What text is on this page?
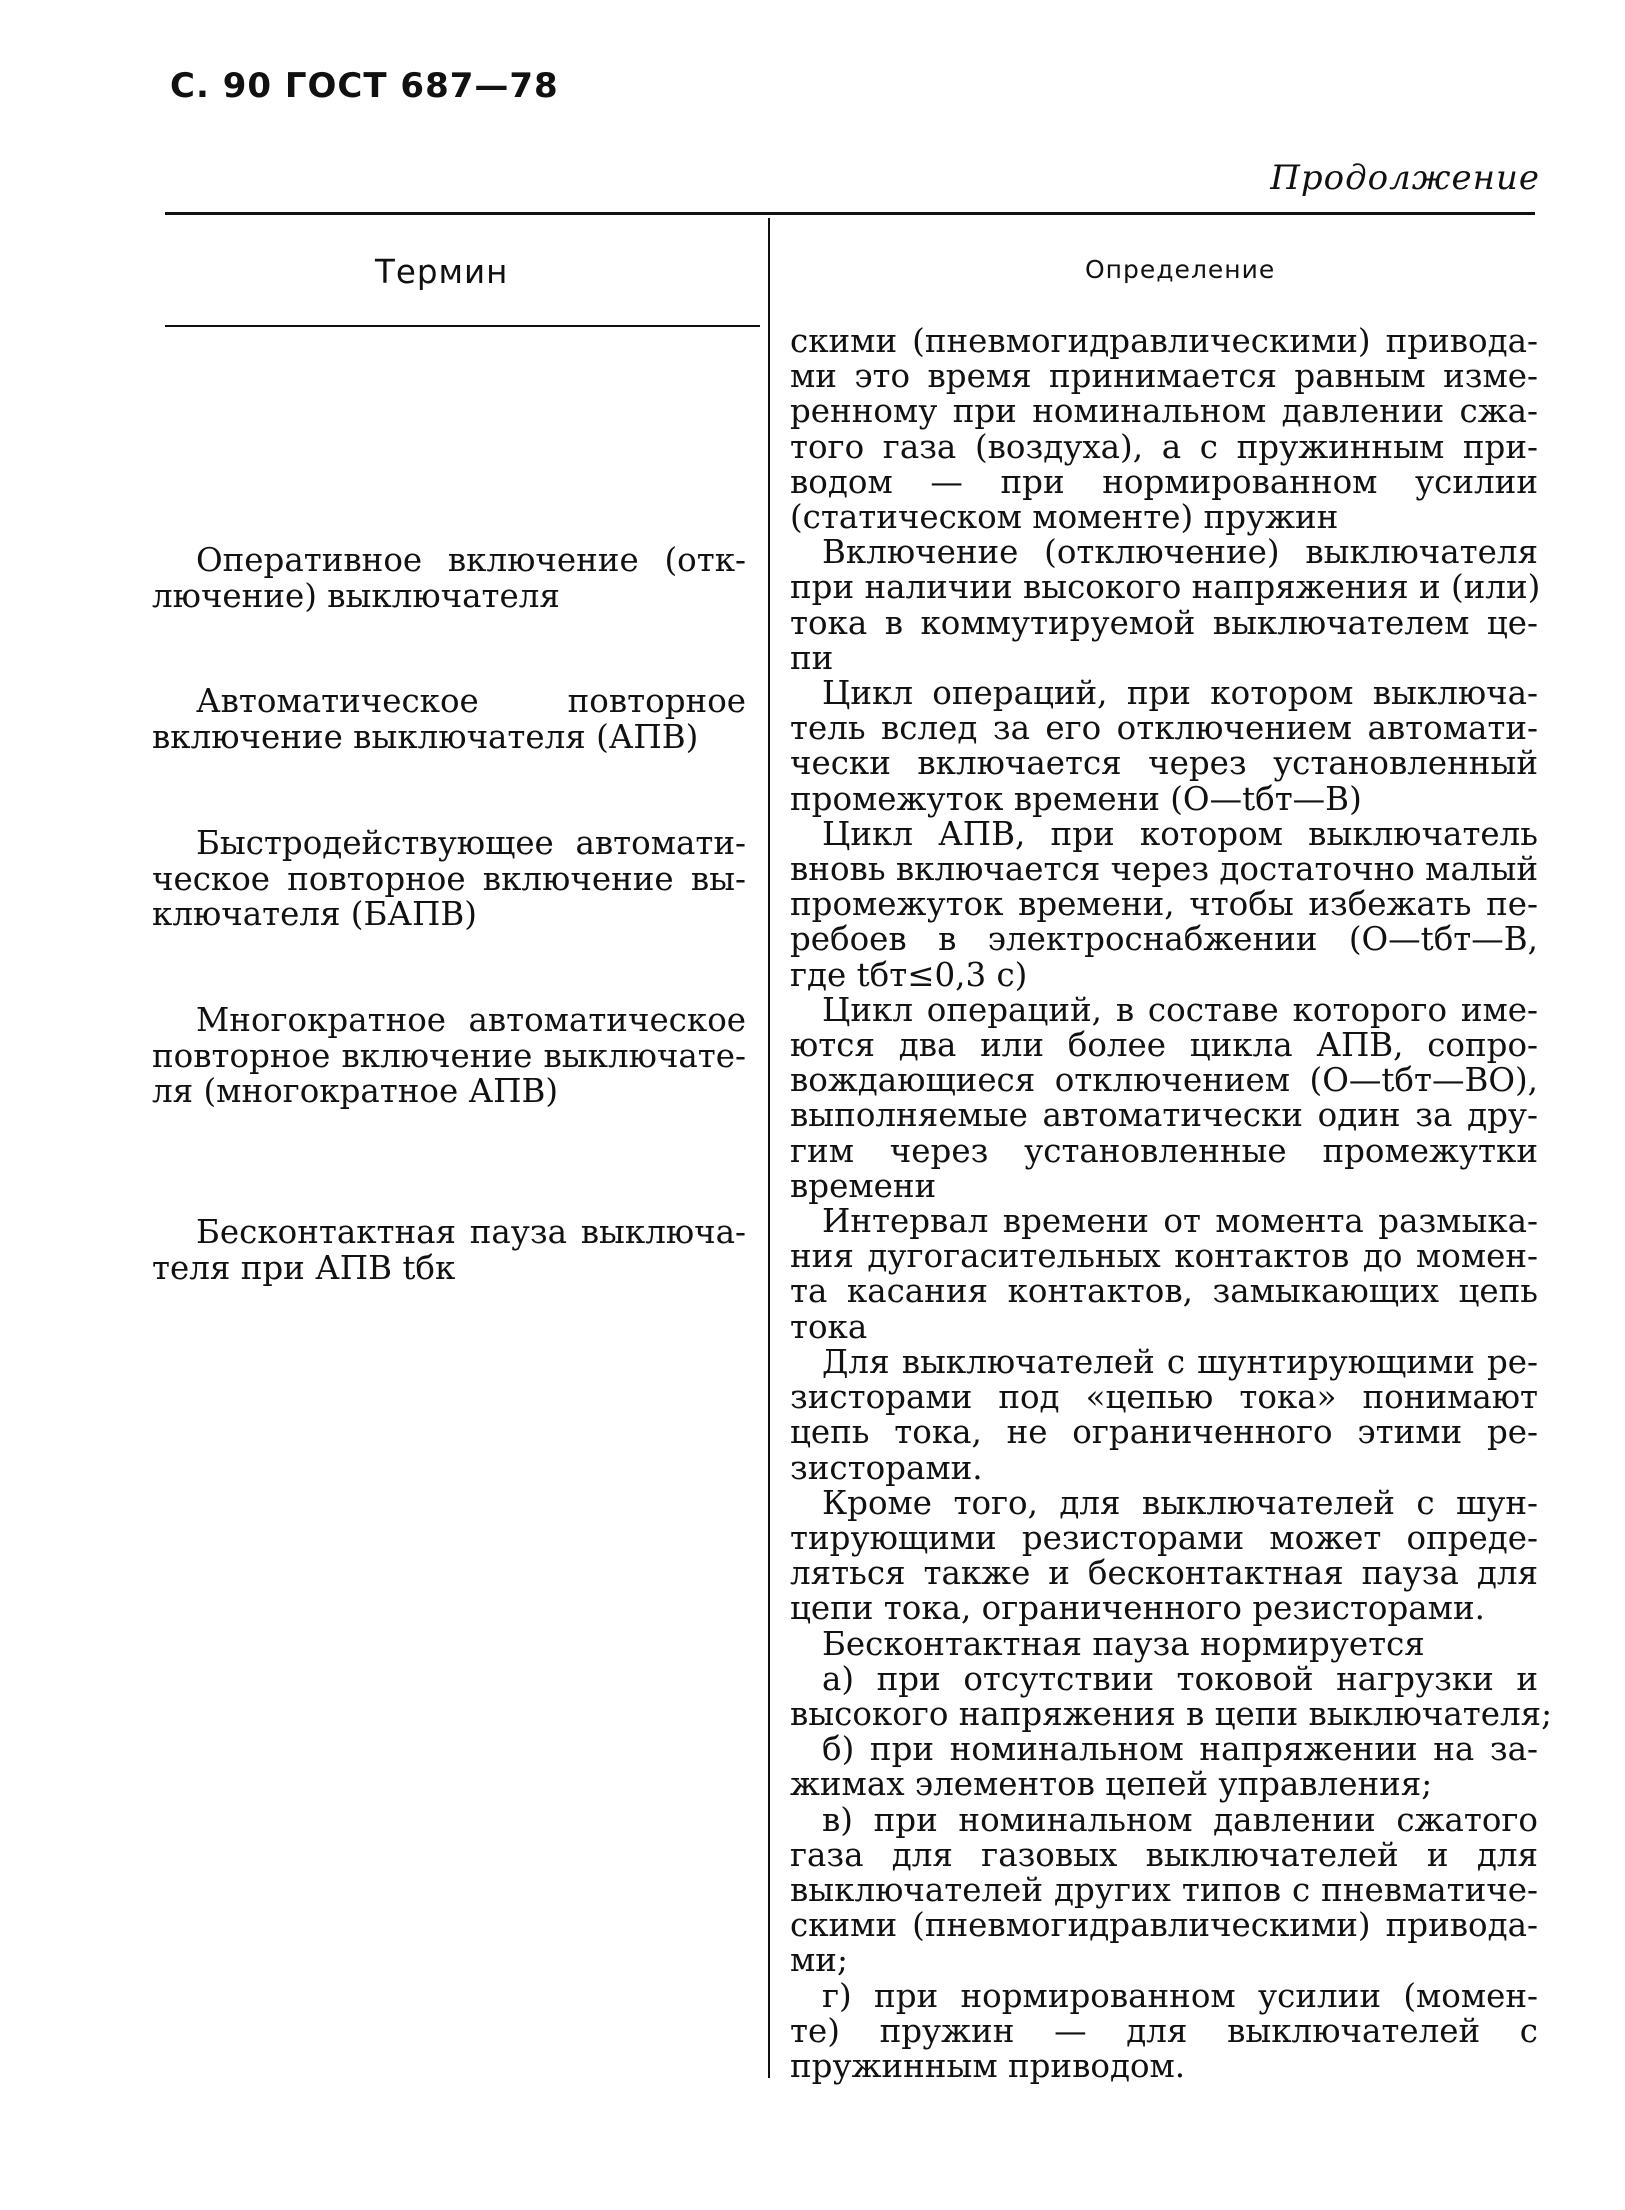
С. 90 ГОСТ 687—78
Продолжение
Термин	Определение
Оперативное включение (отк-
лючение) выключателя
Автоматическое повторное
включение выключателя (АПВ)
Быстродействующее автомати-
ческое повторное включение вы-
ключателя (БАПВ)
Многократное автоматическое
повторное включение выключате-
ля (многократное АПВ)
Бесконтактная пауза выключа-
теля при АПВ tбк
скими (пневмогидравлическими) привода-
ми это время принимается равным изме-
ренному при номинальном давлении сжа-
того газа (воздуха), а с пружинным при-
водом — при нормированном усилии
(статическом моменте) пружин
Включение (отключение) выключателя
при наличии высокого напряжения и (или)
тока в коммутируемой выключателем це-
пи
Цикл операций, при котором выключа-
тель вслед за его отключением автомати-
чески включается через установленный
промежуток времени (О—tбт—В)
Цикл АПВ, при котором выключатель
вновь включается через достаточно малый
промежуток времени, чтобы избежать пе-
ребоев в электроснабжении (О—tбт—В,
где tбт≤0,3 с)
Цикл операций, в составе которого име-
ются два или более цикла АПВ, сопро-
вождающиеся отключением (О—tбт—ВО),
выполняемые автоматически один за дру-
гим через установленные промежутки
времени
Интервал времени от момента размыка-
ния дугогасительных контактов до момен-
та касания контактов, замыкающих цепь
тока
Для выключателей с шунтирующими ре-
зисторами под «цепью тока» понимают
цепь тока, не ограниченного этими ре-
зисторами.
Кроме того, для выключателей с шун-
тирующими резисторами может опреде-
ляться также и бесконтактная пауза для
цепи тока, ограниченного резисторами.
Бесконтактная пауза нормируется
а) при отсутствии токовой нагрузки и
высокого напряжения в цепи выключателя;
б) при номинальном напряжении на за-
жимах элементов цепей управления;
в) при номинальном давлении сжатого
газа для газовых выключателей и для
выключателей других типов с пневматиче-
скими (пневмогидравлическими) привода-
ми;
г) при нормированном усилии (момен-
те) пружин — для выключателей с
пружинным приводом.
